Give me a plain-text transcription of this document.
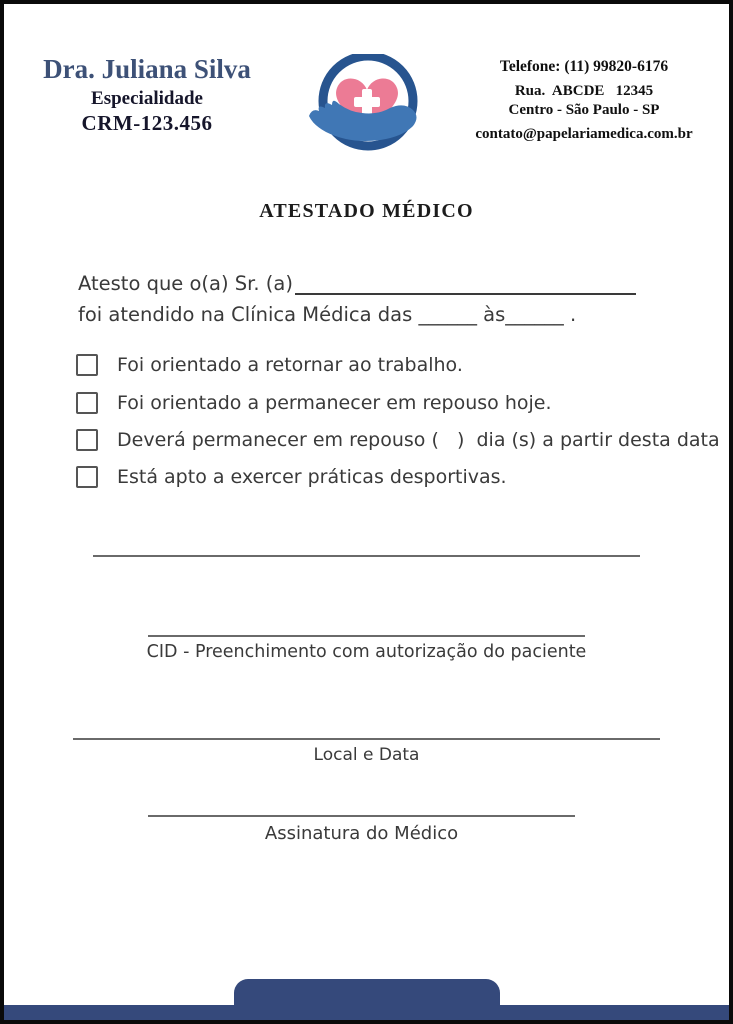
Dra. Juliana Silva
Especialidade
CRM-123.456
Telefone: (11) 99820-6176
Rua.  ABCDE   12345
Centro - São Paulo - SP
contato@papelariamedica.com.br
ATESTADO MÉDICO
Atesto que o(a) Sr. (a)
foi atendido na Clínica Médica das ______ às______ .
Foi orientado a retornar ao trabalho.
Foi orientado a permanecer em repouso hoje.
Deverá permanecer em repouso (   )  dia (s) a partir desta data
Está apto a exercer práticas desportivas.
CID - Preenchimento com autorização do paciente
Local e Data
Assinatura do Médico
